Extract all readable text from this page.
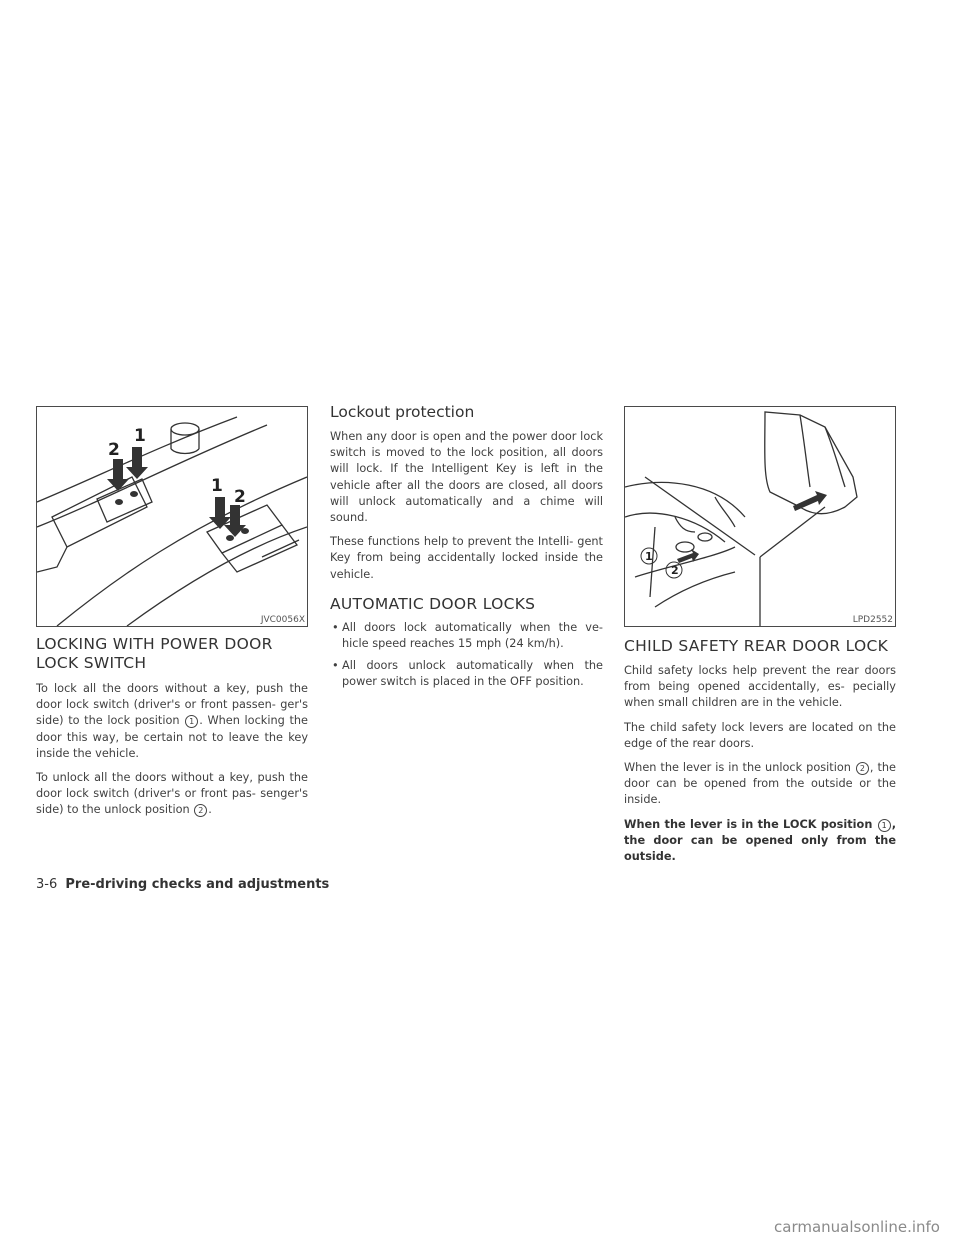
1
2
1
2
JVC0056X
LOCKING WITH POWER DOOR
LOCK SWITCH

To lock all the doors without a key, push the door lock switch (driver's or front passen- ger's side) to the lock position 1 . When locking the door this way, be certain not to leave the key inside the vehicle.

To unlock all the doors without a key, push the door lock switch (driver's or front pas- senger's side) to the unlock position 2 .

Lockout protection

When any door is open and the power door lock switch is moved to the lock position, all doors will lock. If the Intelligent Key is left in the vehicle after all the doors are closed, all doors will unlock automatically and a chime will sound.

These functions help to prevent the Intelli- gent Key from being accidentally locked inside the vehicle.

AUTOMATIC DOOR LOCKS
• All doors lock automatically when the ve- hicle speed reaches 15 mph (24 km/h).
• All doors unlock automatically when the power switch is placed in the OFF position.
1
2
LPD2552
CHILD SAFETY REAR DOOR LOCK

Child safety locks help prevent the rear doors from being opened accidentally, es- pecially when small children are in the vehicle.

The child safety lock levers are located on the edge of the rear doors.

When the lever is in the unlock position 2 , the door can be opened from the outside or the inside.

When the lever is in the LOCK position 1 , the door can be opened only from the outside.

3-6 Pre-driving checks and adjustments
carmanualsonline.info
